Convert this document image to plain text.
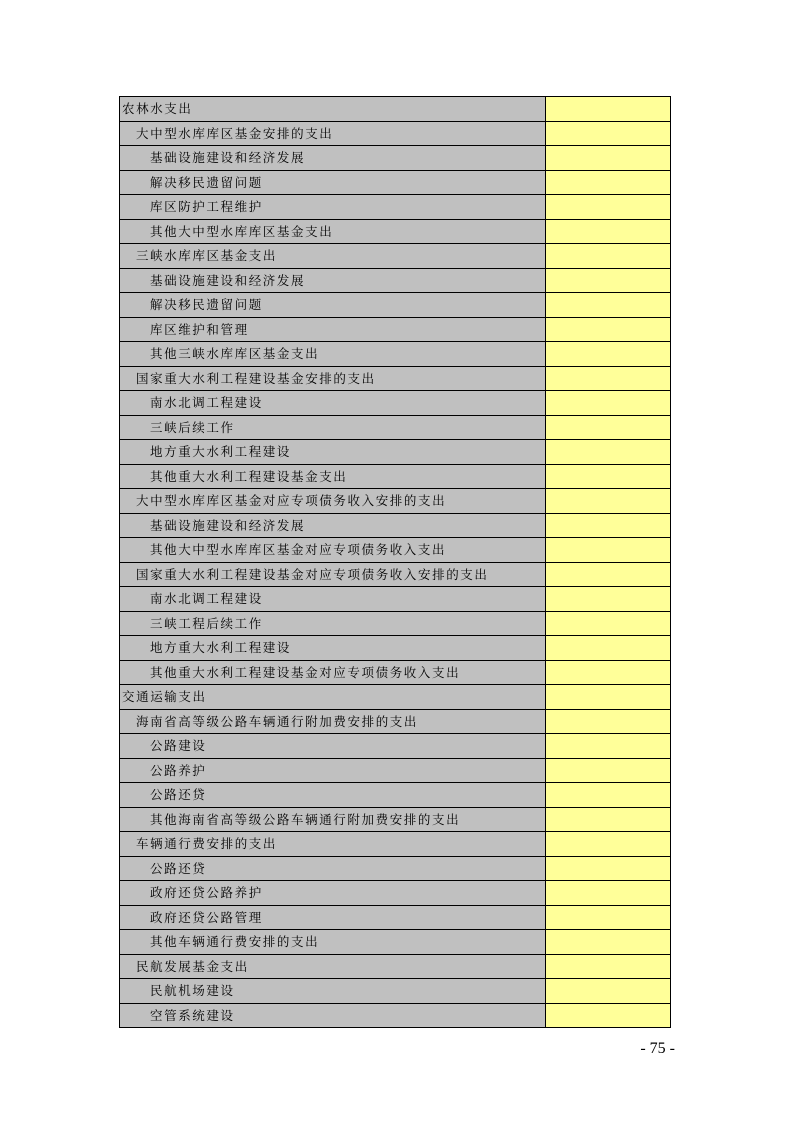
农林水支出	
大中型水库库区基金安排的支出	
基础设施建设和经济发展	
解决移民遗留问题	
库区防护工程维护	
其他大中型水库库区基金支出	
三峡水库库区基金支出	
基础设施建设和经济发展	
解决移民遗留问题	
库区维护和管理	
其他三峡水库库区基金支出	
国家重大水利工程建设基金安排的支出	
南水北调工程建设	
三峡后续工作	
地方重大水利工程建设	
其他重大水利工程建设基金支出	
大中型水库库区基金对应专项债务收入安排的支出	
基础设施建设和经济发展	
其他大中型水库库区基金对应专项债务收入支出	
国家重大水利工程建设基金对应专项债务收入安排的支出	
南水北调工程建设	
三峡工程后续工作	
地方重大水利工程建设	
其他重大水利工程建设基金对应专项债务收入支出	
交通运输支出	
海南省高等级公路车辆通行附加费安排的支出	
公路建设	
公路养护	
公路还贷	
其他海南省高等级公路车辆通行附加费安排的支出	
车辆通行费安排的支出	
公路还贷	
政府还贷公路养护	
政府还贷公路管理	
其他车辆通行费安排的支出	
民航发展基金支出	
民航机场建设	
空管系统建设	
- 75 -
